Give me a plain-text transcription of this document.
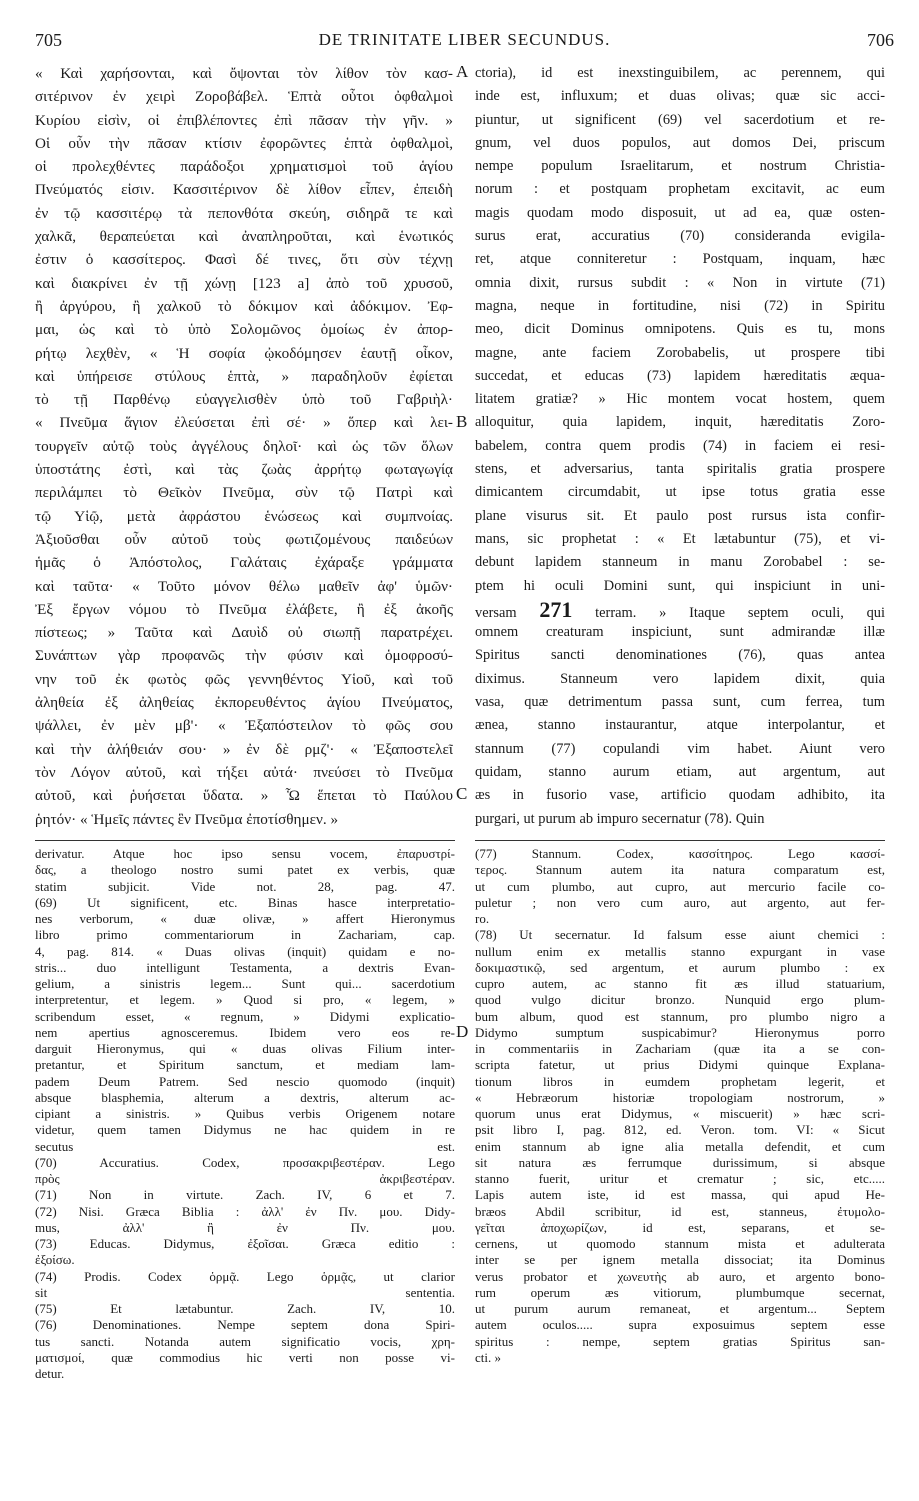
705	DE TRINITATE LIBER SECUNDUS.	706
« Καὶ χαρήσονται, καὶ ὄψονται τὸν λίθον τὸν κασ-
σιτέρινον ἐν χειρὶ Ζοροβάβελ. Ἑπτὰ οὗτοι ὀφθαλμοὶ
Κυρίου εἰσὶν, οἱ ἐπιβλέποντες ἐπὶ πᾶσαν τὴν γῆν. »
Οἱ οὖν τὴν πᾶσαν κτίσιν ἐφορῶντες ἑπτὰ ὀφθαλμοὶ,
οἱ προλεχθέντες παράδοξοι χρηματισμοὶ τοῦ ἁγίου
Πνεύματός εἰσιν. Κασσιτέρινον δὲ λίθον εἶπεν, ἐπειδὴ
ἐν τῷ κασσιτέρῳ τὰ πεπονθότα σκεύη, σιδηρᾶ τε καὶ
χαλκᾶ, θεραπεύεται καὶ ἀναπληροῦται, καὶ ἑνωτικός
ἐστιν ὁ κασσίτερος. Φασὶ δέ τινες, ὅτι σὺν τέχνῃ
καὶ διακρίνει ἐν τῇ χώνῃ [123 a] ἀπὸ τοῦ χρυσοῦ,
ἢ ἀργύρου, ἢ χαλκοῦ τὸ δόκιμον καὶ ἀδόκιμον. Ἐφ-
μαι, ὡς καὶ τὸ ὑπὸ Σολομῶνος ὁμοίως ἐν ἀπορ-
ρήτῳ λεχθὲν, « Ἡ σοφία ᾠκοδόμησεν ἑαυτῇ οἶκον,
καὶ ὑπήρεισε στύλους ἑπτὰ, » παραδηλοῦν ἐφίεται
τὸ τῇ Παρθένῳ εὐαγγελισθὲν ὑπὸ τοῦ Γαβριὴλ·
« Πνεῦμα ἅγιον ἐλεύσεται ἐπὶ σέ· » ὅπερ καὶ λει-
τουργεῖν αὐτῷ τοὺς ἀγγέλους δηλοῖ· καὶ ὡς τῶν ὅλων
ὑποστάτης ἐστὶ, καὶ τὰς ζωὰς ἀρρήτῳ φωταγωγίᾳ
περιλάμπει τὸ Θεῖκὸν Πνεῦμα, σὺν τῷ Πατρὶ καὶ
τῷ Υἱῷ, μετὰ ἀφράστου ἑνώσεως καὶ συμπνοίας.
Ἀξιοῦσθαι οὖν αὐτοῦ τοὺς φωτιζομένους παιδεύων
ἡμᾶς ὁ Ἀπόστολος, Γαλάταις ἐχάραξε γράμματα
καὶ ταῦτα· « Τοῦτο μόνον θέλω μαθεῖν ἀφ' ὑμῶν·
Ἐξ ἔργων νόμου τὸ Πνεῦμα ἐλάβετε, ἢ ἐξ ἀκοῆς
πίστεως; » Ταῦτα καὶ Δαυὶδ οὐ σιωπῇ παρατρέχει.
Συνάπτων γὰρ προφανῶς τὴν φύσιν καὶ ὁμοφροσύ-
νην τοῦ ἐκ φωτὸς φῶς γεννηθέντος Υἱοῦ, καὶ τοῦ
ἀληθεία ἐξ ἀληθείας ἐκπορευθέντος ἁγίου Πνεύματος,
ψάλλει, ἐν μὲν μβ'· « Ἐξαπόστειλον τὸ φῶς σου
καὶ τὴν ἀλήθειάν σου· » ἐν δὲ ρμζ'· « Ἐξαποστελεῖ
τὸν Λόγον αὐτοῦ, καὶ τήξει αὐτά· πνεύσει τὸ Πνεῦμα
αὐτοῦ, καὶ ῥυήσεται ὕδατα. » Ὧ ἕπεται τὸ Παύλου
ῥητόν· « Ἡμεῖς πάντες ἓν Πνεῦμα ἐποτίσθημεν. »
ctoria), id est inexstinguibilem, ac perennem, qui
inde est, influxum; et duas olivas; quæ sic acci-
piuntur, ut significent (69) vel sacerdotium et re-
gnum, vel duos populos, aut domos Dei, priscum
nempe populum Israelitarum, et nostrum Christia-
norum : et postquam prophetam excitavit, ac eum
magis quodam modo disposuit, ut ad ea, quæ osten-
surus erat, accuratius (70) consideranda evigila-
ret, atque conniteretur : Postquam, inquam, hæc
omnia dixit, rursus subdit : « Non in virtute (71)
magna, neque in fortitudine, nisi (72) in Spiritu
meo, dicit Dominus omnipotens. Quis es tu, mons
magne, ante faciem Zorobabelis, ut prospere tibi
succedat, et educas (73) lapidem hæreditatis æqua-
litatem gratiæ? » Hic montem vocat hostem, quem
alloquitur, quia lapidem, inquit, hæreditatis Zoro-
babelem, contra quem prodis (74) in faciem ei resi-
stens, et adversarius, tanta spiritalis gratia prospere
dimicantem circumdabit, ut ipse totus gratia esse
plane visurus sit. Et paulo post rursus ista confir-
mans, sic prophetat : « Et lætabuntur (75), et vi-
debunt lapidem stanneum in manu Zorobabel : se-
ptem hi oculi Domini sunt, qui inspiciunt in uni-
versam 271 terram. » Itaque septem oculi, qui
omnem creaturam inspiciunt, sunt admirandæ illæ
Spiritus sancti denominationes (76), quas antea
diximus. Stanneum vero lapidem dixit, quia
vasa, quæ detrimentum passa sunt, cum ferrea, tum
ænea, stanno instaurantur, atque interpolantur, et
stannum (77) copulandi vim habet. Aiunt vero
quidam, stanno aurum etiam, aut argentum, aut
æs in fusorio vase, artificio quodam adhibito, ita
purgari, ut purum ab impuro secernatur (78). Quin
A
B
C
D
derivatur. Atque hoc ipso sensu vocem, ἐπαρυστρί-
δας, a theologo nostro sumi patet ex verbis, quæ
statim subjicit. Vide not. 28, pag. 47.
(69) Ut significent, etc. Binas hasce interpretatio-
nes verborum, « duæ olivæ, » affert Hieronymus
libro primo commentariorum in Zachariam, cap.
4, pag. 814. « Duas olivas (inquit) quidam e no-
stris... duo intelligunt Testamenta, a dextris Evan-
gelium, a sinistris legem... Sunt qui... sacerdotium
interpretentur, et legem. » Quod si pro, « legem, »
scribendum esset, « regnum, » Didymi explicatio-
nem apertius agnosceremus. Ibidem vero eos re-
darguit Hieronymus, qui « duas olivas Filium inter-
pretantur, et Spiritum sanctum, et mediam lam-
padem Deum Patrem. Sed nescio quomodo (inquit)
absque blasphemia, alterum a dextris, alterum ac-
cipiant a sinistris. » Quibus verbis Origenem notare
videtur, quem tamen Didymus ne hac quidem in re
secutus est.
(70) Accuratius. Codex, προσακριβεστέραν. Lego
πρὸς ἀκριβεστέραν.
(71) Non in virtute. Zach. IV, 6 et 7.
(72) Nisi. Græca Biblia : ἀλλ' ἐν Πν. μου. Didy-
mus, ἀλλ' ἢ ἐν Πν. μου.
(73) Educas. Didymus, ἐξοῖσαι. Græca editio :
ἐξοίσω.
(74) Prodis. Codex ὁρμᾷ. Lego ὁρμᾷς, ut clarior
sit sententia.
(75) Et lætabuntur. Zach. IV, 10.
(76) Denominationes. Nempe septem dona Spiri-
tus sancti. Notanda autem significatio vocis, χρη-
ματισμοί, quæ commodius hic verti non posse vi-
detur.
(77) Stannum. Codex, κασσίτηρος. Lego κασσί-
τερος. Stannum autem ita natura comparatum est,
ut cum plumbo, aut cupro, aut mercurio facile co-
puletur ; non vero cum auro, aut argento, aut fer-
ro.
(78) Ut secernatur. Id falsum esse aiunt chemici :
nullum enim ex metallis stanno expurgant in vase
δοκιμαστικῷ, sed argentum, et aurum plumbo : ex
cupro autem, ac stanno fit æs illud statuarium,
quod vulgo dicitur bronzo. Nunquid ergo plum-
bum album, quod est stannum, pro plumbo nigro a
Didymo sumptum suspicabimur? Hieronymus porro
in commentariis in Zachariam (quæ ita a se con-
scripta fatetur, ut prius Didymi quinque Explana-
tionum libros in eumdem prophetam legerit, et
« Hebræorum historiæ tropologiam nostrorum, »
quorum unus erat Didymus, « miscuerit) » hæc scri-
psit libro I, pag. 812, ed. Veron. tom. VI: « Sicut
enim stannum ab igne alia metalla defendit, et cum
sit natura æs ferrumque durissimum, si absque
stanno fuerit, uritur et crematur ; sic, etc.....
Lapis autem iste, id est massa, qui apud He-
bræos Abdil scribitur, id est, stanneus, ἐτυμολο-
γεῖται ἀποχωρίζων, id est, separans, et se-
cernens, ut quomodo stannum mista et adulterata
inter se per ignem metalla dissociat; ita Dominus
verus probator et χωνευτὴς ab auro, et argento bono-
rum operum æs vitiorum, plumbumque secernat,
ut purum aurum remaneat, et argentum... Septem
autem oculos..... supra exposuimus septem esse
spiritus : nempe, septem gratias Spiritus san-
cti. »
